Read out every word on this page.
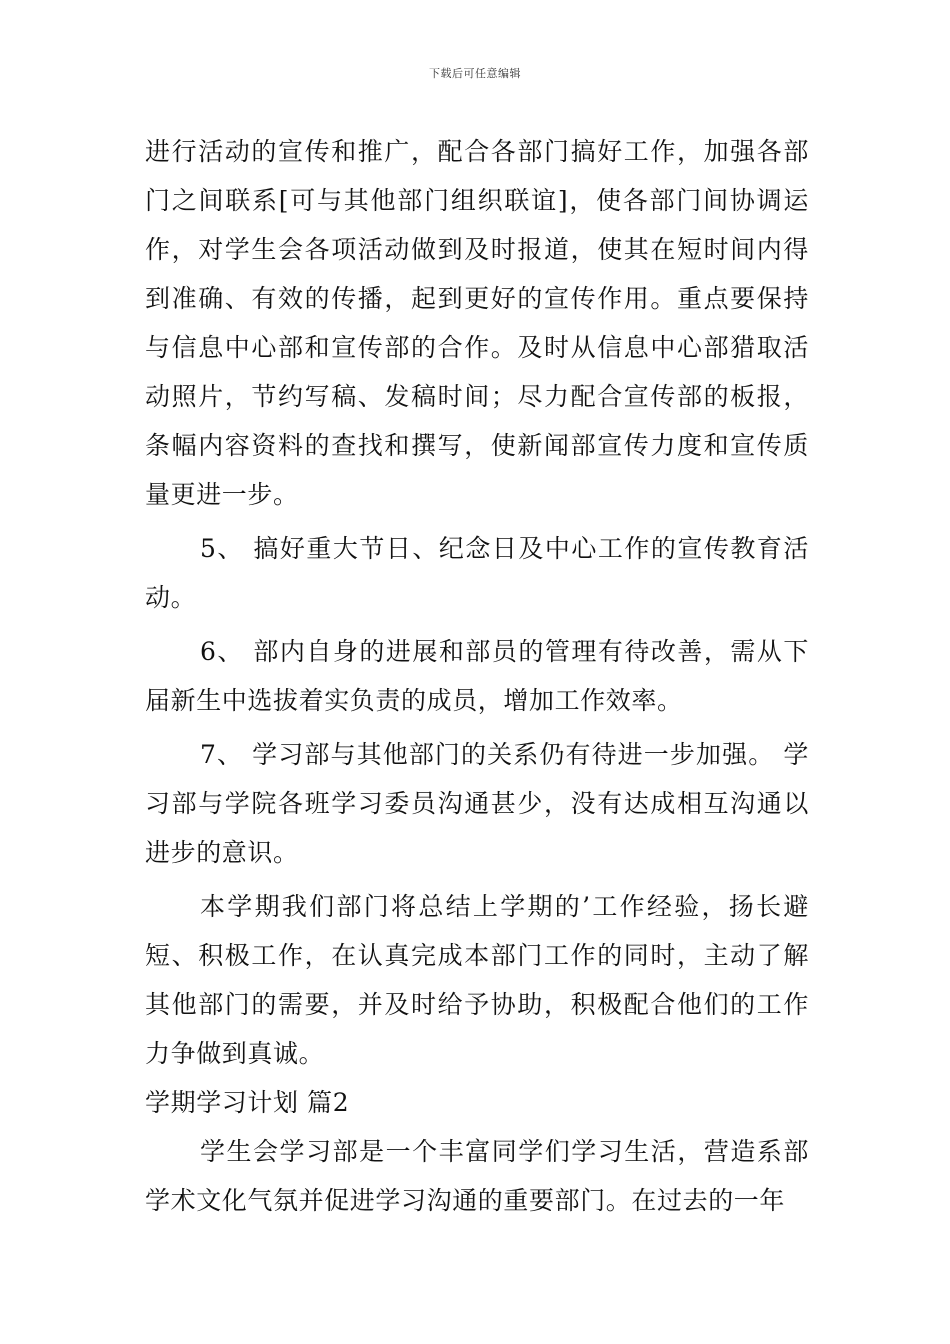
下载后可任意编辑

进行活动的宣传和推广，配合各部门搞好工作，加强各部门之间联系[可与其他部门组织联谊]，使各部门间协调运作，对学生会各项活动做到及时报道，使其在短时间内得到准确、有效的传播，起到更好的宣传作用。重点要保持与信息中心部和宣传部的合作。及时从信息中心部猎取活动照片，节约写稿、发稿时间；尽力配合宣传部的板报，条幅内容资料的查找和撰写，使新闻部宣传力度和宣传质量更进一步。

5、 搞好重大节日、纪念日及中心工作的宣传教育活动。

6、 部内自身的进展和部员的管理有待改善，需从下届新生中选拔着实负责的成员，增加工作效率。

7、 学习部与其他部门的关系仍有待进一步加强。 学习部与学院各班学习委员沟通甚少，没有达成相互沟通以进步的意识。

本学期我们部门将总结上学期的’工作经验，扬长避短、积极工作，在认真完成本部门工作的同时，主动了解其他部门的需要，并及时给予协助，积极配合他们的工作力争做到真诚。

学期学习计划 篇2

学生会学习部是一个丰富同学们学习生活，营造系部学术文化气氛并促进学习沟通的重要部门。在过去的一年
